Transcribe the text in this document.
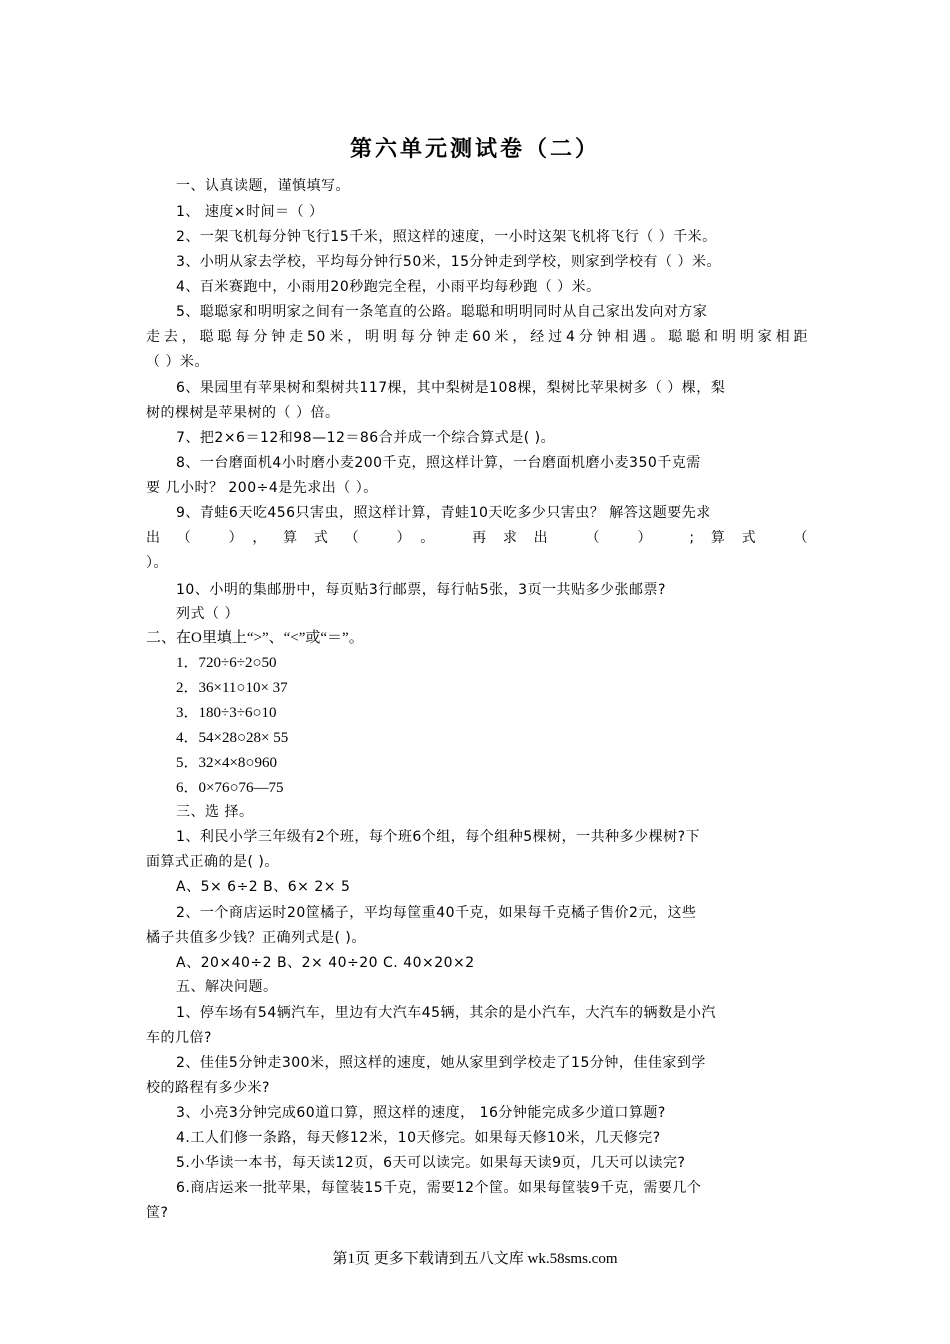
第六单元测试卷（二）
一、认真读题，谨慎填写。
1、 速度×时间＝（ ）
2、一架飞机每分钟飞行15千米，照这样的速度，一小时这架飞机将飞行（ ）千米。
3、小明从家去学校，平均每分钟行50米，15分钟走到学校，则家到学校有（ ）米。
4、百米赛跑中，小雨用20秒跑完全程，小雨平均每秒跑（ ）米。
5、聪聪家和明明家之间有一条笔直的公路。聪聪和明明同时从自己家出发向对方家
走去，聪聪每分钟走50米，明明每分钟走60米，经过4分钟相遇。聪聪和明明家相距
（ ）米。
6、果园里有苹果树和梨树共117棵，其中梨树是108棵，梨树比苹果树多（ ）棵，梨
树的棵树是苹果树的（ ）倍。
7、把2×6＝12和98—12＝86合并成一个综合算式是( )。
8、一台磨面机4小时磨小麦200千克，照这样计算，一台磨面机磨小麦350千克需
要 几小时？ 200÷4是先求出（ ）。
9、青蛙6天吃456只害虫，照这样计算，青蛙10天吃多少只害虫？ 解答这题要先求
出（ ），算式（ ）。 再求出 （ ） ;算式 （
）。
10、小明的集邮册中，每页贴3行邮票，每行帖5张，3页一共贴多少张邮票?
列式（ ）
二、在O里填上“>”、“<”或“＝”。
1．720÷6÷2○50
2．36×11○10× 37
3．180÷3÷6○10
4．54×28○28× 55
5．32×4×8○960
6．0×76○76—75
三、选 择。
1、利民小学三年级有2个班，每个班6个组，每个组种5棵树，一共种多少棵树?下
面算式正确的是( )。
A、5× 6÷2 B、6× 2× 5
2、一个商店运时20筐橘子，平均每筐重40千克，如果每千克橘子售价2元，这些
橘子共值多少钱？正确列式是( )。
A、20×40÷2 B、2× 40÷20 C. 40×20×2
五、解决问题。
1、停车场有54辆汽车，里边有大汽车45辆，其余的是小汽车，大汽车的辆数是小汽
车的几倍?
2、佳佳5分钟走300米，照这样的速度，她从家里到学校走了15分钟，佳佳家到学
校的路程有多少米?
3、小亮3分钟完成60道口算，照这样的速度， 16分钟能完成多少道口算题?
4.工人们修一条路，每天修12米，10天修完。如果每天修10米，几天修完?
5.小华读一本书，每天读12页，6天可以读完。如果每天读9页，几天可以读完?
6.商店运来一批苹果，每筐装15千克，需要12个筐。如果每筐装9千克，需要几个
筐?
第1页 更多下载请到五八文库 wk.58sms.com
